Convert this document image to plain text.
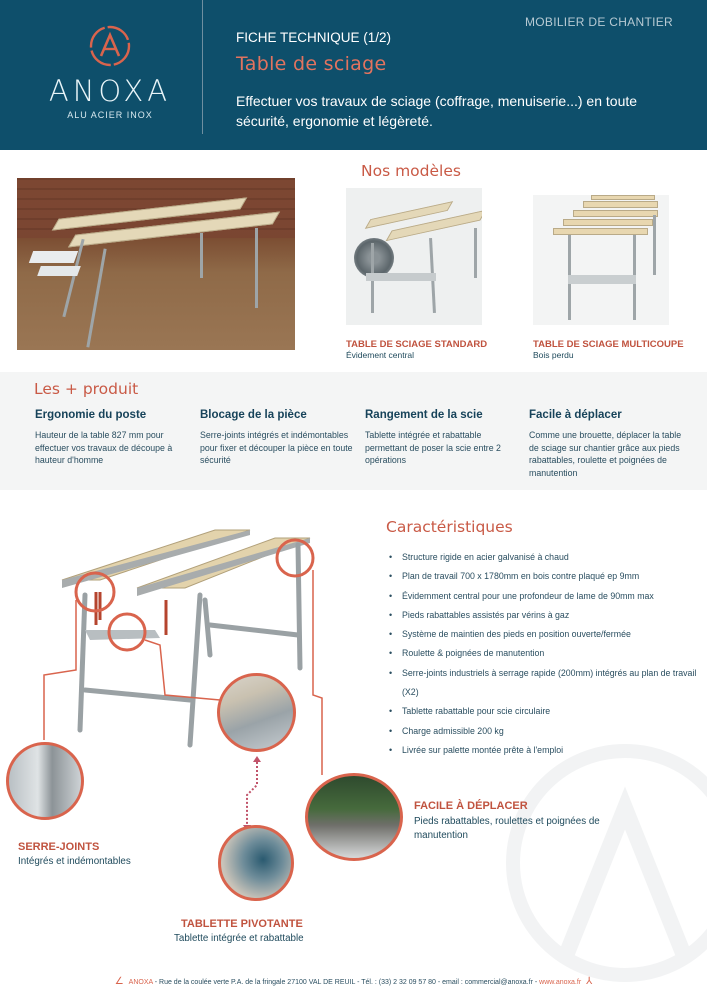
ANOXA
ALU ACIER INOX
MOBILIER DE CHANTIER
FICHE TECHNIQUE (1/2)
Table de sciage
Effectuer vos travaux de sciage (coffrage, menuiserie...) en toute sécurité, ergonomie et légèreté.
Nos modèles
TABLE DE SCIAGE STANDARD
Évidement central
TABLE DE SCIAGE MULTICOUPE
Bois perdu
Les + produit
Ergonomie du poste
Hauteur de la table 827 mm pour effectuer vos travaux de découpe à hauteur d'homme
Blocage de la pièce
Serre-joints intégrés et indémontables pour fixer et découper la pièce en toute sécurité
Rangement de la scie
Tablette intégrée et rabattable permettant de poser la scie entre 2 opérations
Facile à déplacer
Comme une brouette, déplacer la table de sciage sur chantier grâce aux pieds rabattables, roulette et poignées de manutention
Caractéristiques
• Structure rigide en acier galvanisé à chaud
• Plan de travail 700 x 1780mm en bois contre plaqué ep 9mm
• Évidemment central pour une profondeur de lame de 90mm max
• Pieds rabattables assistés par vérins à gaz
• Système de maintien des pieds en position ouverte/fermée
• Roulette & poignées de manutention
• Serre-joints industriels à serrage rapide (200mm) intégrés au plan de travail (X2)
• Tablette rabattable pour scie circulaire
• Charge admissible 200 kg
• Livrée sur palette montée prête à l'emploi
SERRE-JOINTS
Intégrés et indémontables
TABLETTE PIVOTANTE
Tablette intégrée et rabattable
FACILE À DÉPLACER
Pieds rabattables, roulettes et poignées de manutention
∠ ANOXA - Rue de la coulée verte P.A. de la fringale 27100 VAL DE REUIL - Tél. : (33) 2 32 09 57 80 - email : commercial@anoxa.fr - www.anoxa.fr ⅄
